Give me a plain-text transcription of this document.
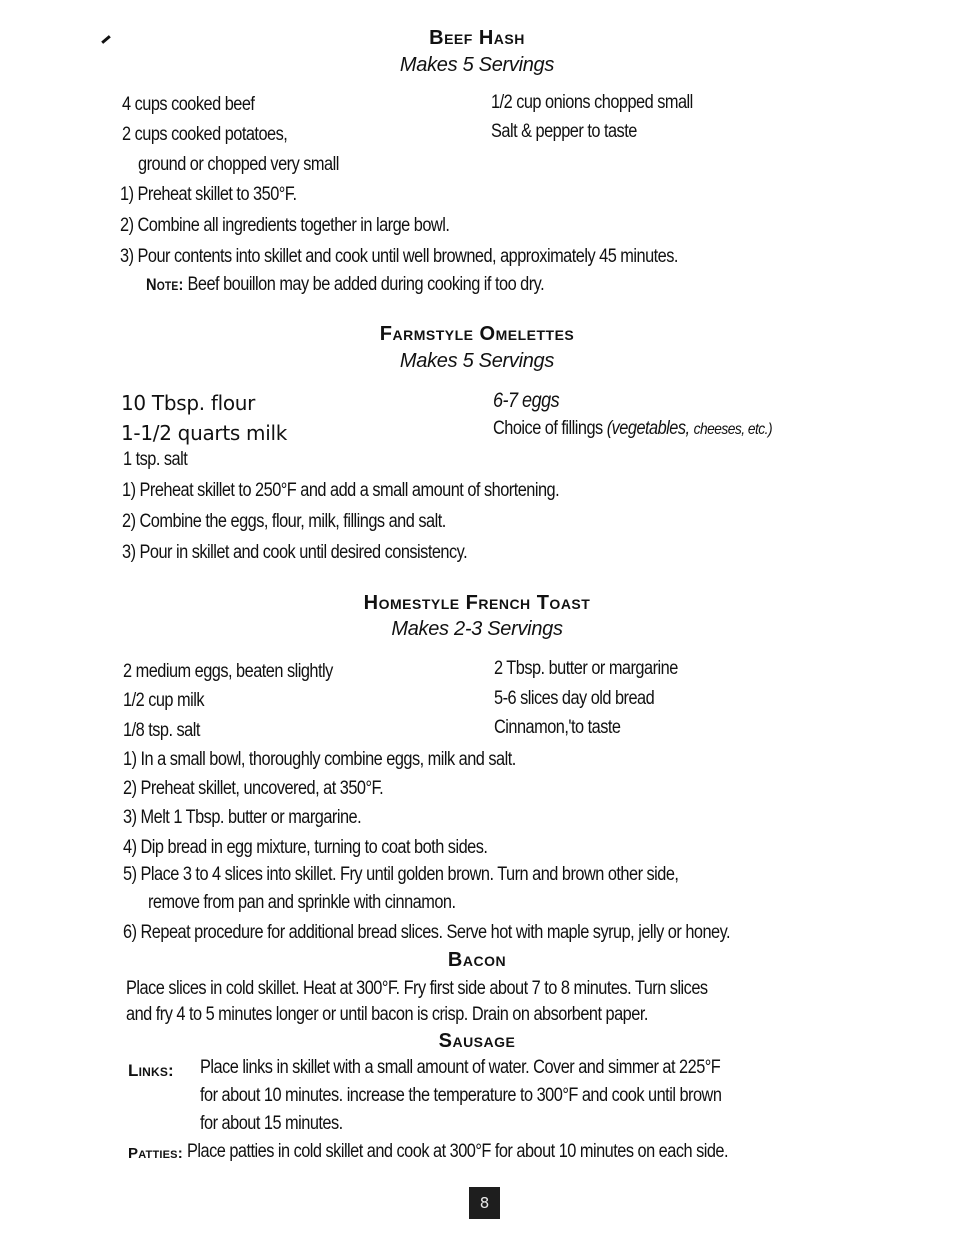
Beef Hash
Makes 5 Servings
4 cups cooked beef
2 cups cooked potatoes,
ground or chopped very small
1/2 cup onions chopped small
Salt & pepper to taste
1) Preheat skillet to 350°F.
2) Combine all ingredients together in large bowl.
3) Pour contents into skillet and cook until well browned, approximately 45 minutes.
Note: Beef bouillon may be added during cooking if too dry.
Farmstyle Omelettes
Makes 5 Servings
10 Tbsp. flour
1-1/2 quarts milk
1 tsp. salt
6-7 eggs
Choice of fillings (vegetables, cheeses, etc.)
1) Preheat skillet to 250°F and add a small amount of shortening.
2) Combine the eggs, flour, milk, fillings and salt.
3) Pour in skillet and cook until desired consistency.
Homestyle French Toast
Makes 2-3 Servings
2 medium eggs, beaten slightly
1/2 cup milk
1/8 tsp. salt
2 Tbsp. butter or margarine
5-6 slices day old bread
Cinnamon,'to taste
1) In a small bowl, thoroughly combine eggs, milk and salt.
2) Preheat skillet, uncovered, at 350°F.
3) Melt 1 Tbsp. butter or margarine.
4) Dip bread in egg mixture, turning to coat both sides.
5) Place 3 to 4 slices into skillet. Fry until golden brown. Turn and brown other side,
remove from pan and sprinkle with cinnamon.
6) Repeat procedure for additional bread slices. Serve hot with maple syrup, jelly or honey.
Bacon
Place slices in cold skillet. Heat at 300°F. Fry first side about 7 to 8 minutes. Turn slices
and fry 4 to 5 minutes longer or until bacon is crisp. Drain on absorbent paper.
Sausage
Links: Place links in skillet with a small amount of water. Cover and simmer at 225°F
for about 10 minutes. increase the temperature to 300°F and cook until brown
for about 15 minutes.
Patties: Place patties in cold skillet and cook at 300°F for about 10 minutes on each side.
8
